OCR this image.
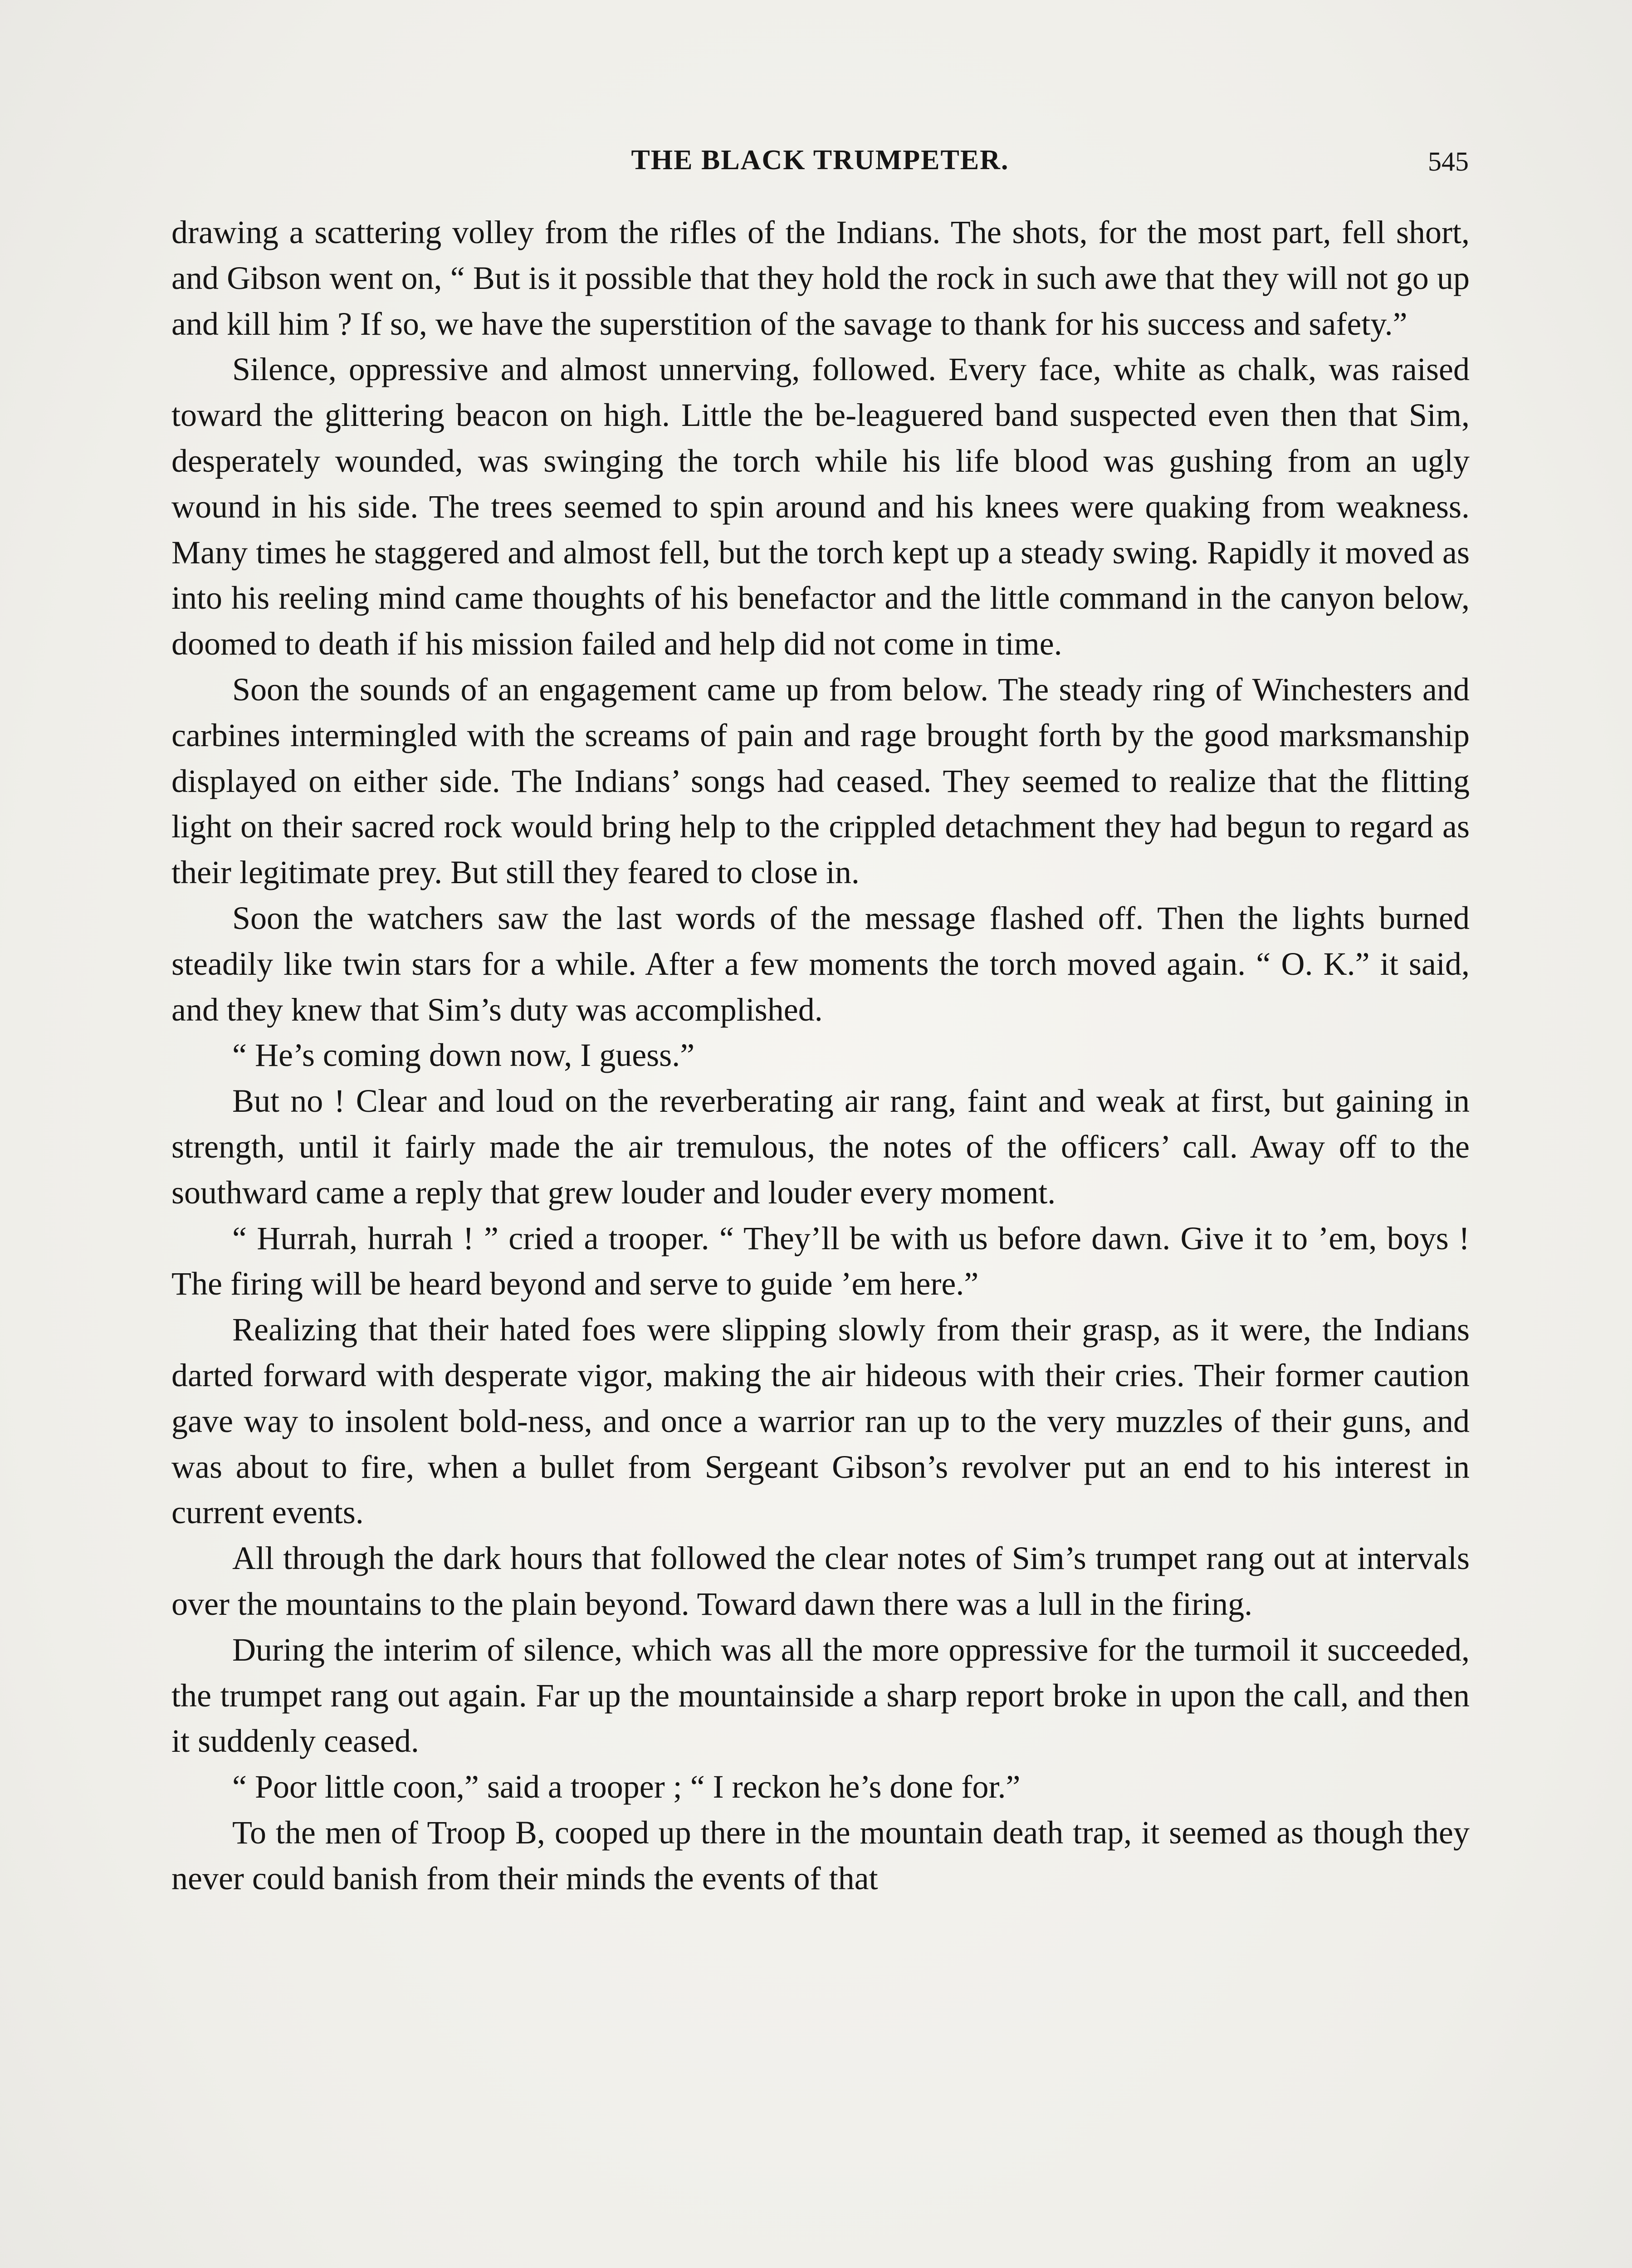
THE BLACK TRUMPETER.	545

drawing a scattering volley from the rifles of the Indians. The shots, for the most part, fell short, and Gibson went on, “ But is it possible that they hold the rock in such awe that they will not go up and kill him ? If so, we have the superstition of the savage to thank for his success and safety.”

Silence, oppressive and almost unnerving, followed. Every face, white as chalk, was raised toward the glittering beacon on high. Little the be-leaguered band suspected even then that Sim, desperately wounded, was swinging the torch while his life blood was gushing from an ugly wound in his side. The trees seemed to spin around and his knees were quaking from weakness. Many times he staggered and almost fell, but the torch kept up a steady swing. Rapidly it moved as into his reeling mind came thoughts of his benefactor and the little command in the canyon below, doomed to death if his mission failed and help did not come in time.

Soon the sounds of an engagement came up from below. The steady ring of Winchesters and carbines intermingled with the screams of pain and rage brought forth by the good marksmanship displayed on either side. The Indians’ songs had ceased. They seemed to realize that the flitting light on their sacred rock would bring help to the crippled detachment they had begun to regard as their legitimate prey. But still they feared to close in.

Soon the watchers saw the last words of the message flashed off. Then the lights burned steadily like twin stars for a while. After a few moments the torch moved again. “ O. K.” it said, and they knew that Sim’s duty was accomplished.

“ He’s coming down now, I guess.”

But no ! Clear and loud on the reverberating air rang, faint and weak at first, but gaining in strength, until it fairly made the air tremulous, the notes of the officers’ call. Away off to the southward came a reply that grew louder and louder every moment.

“ Hurrah, hurrah ! ” cried a trooper. “ They’ll be with us before dawn. Give it to ’em, boys ! The firing will be heard beyond and serve to guide ’em here.”

Realizing that their hated foes were slipping slowly from their grasp, as it were, the Indians darted forward with desperate vigor, making the air hideous with their cries. Their former caution gave way to insolent bold-ness, and once a warrior ran up to the very muzzles of their guns, and was about to fire, when a bullet from Sergeant Gibson’s revolver put an end to his interest in current events.

All through the dark hours that followed the clear notes of Sim’s trumpet rang out at intervals over the mountains to the plain beyond. Toward dawn there was a lull in the firing.

During the interim of silence, which was all the more oppressive for the turmoil it succeeded, the trumpet rang out again. Far up the mountainside a sharp report broke in upon the call, and then it suddenly ceased.

“ Poor little coon,” said a trooper ; “ I reckon he’s done for.”

To the men of Troop B, cooped up there in the mountain death trap, it seemed as though they never could banish from their minds the events of that
